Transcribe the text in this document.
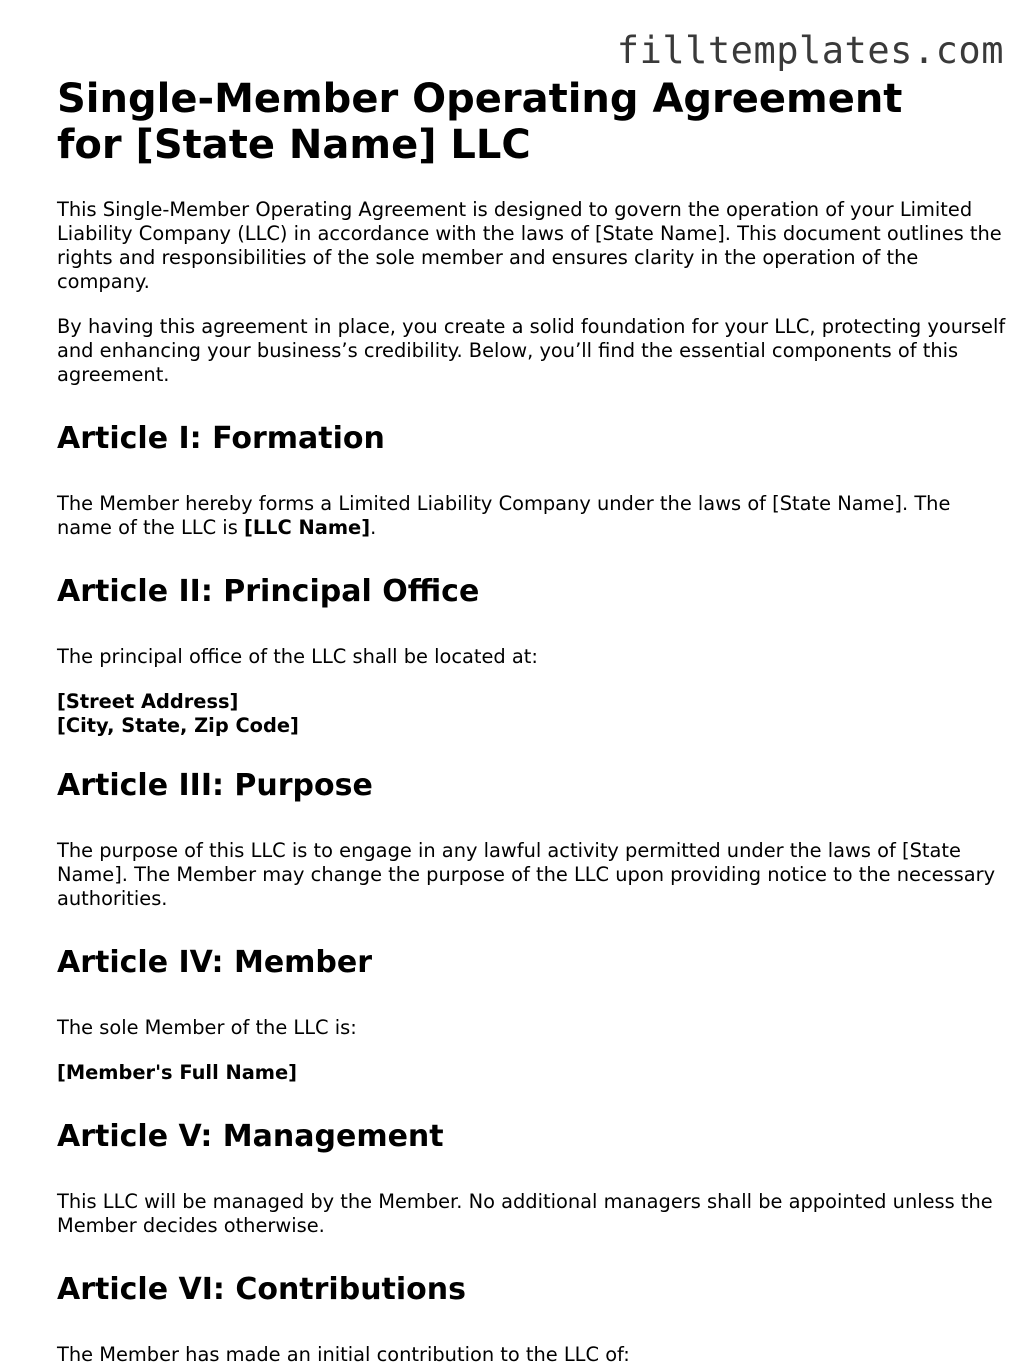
filltemplates.com
Single-Member Operating Agreement
for [State Name] LLC

This Single-Member Operating Agreement is designed to govern the operation of your Limited Liability Company (LLC) in accordance with the laws of [State Name]. This document outlines the rights and responsibilities of the sole member and ensures clarity in the operation of the company.

By having this agreement in place, you create a solid foundation for your LLC, protecting yourself and enhancing your business’s credibility. Below, you’ll find the essential components of this agreement.

Article I: Formation

The Member hereby forms a Limited Liability Company under the laws of [State Name]. The name of the LLC is [LLC Name].

Article II: Principal Office

The principal office of the LLC shall be located at:

[Street Address]

[City, State, Zip Code]

Article III: Purpose

The purpose of this LLC is to engage in any lawful activity permitted under the laws of [State Name]. The Member may change the purpose of the LLC upon providing notice to the necessary authorities.

Article IV: Member

The sole Member of the LLC is:

[Member's Full Name]

Article V: Management

This LLC will be managed by the Member. No additional managers shall be appointed unless the Member decides otherwise.

Article VI: Contributions

The Member has made an initial contribution to the LLC of:
